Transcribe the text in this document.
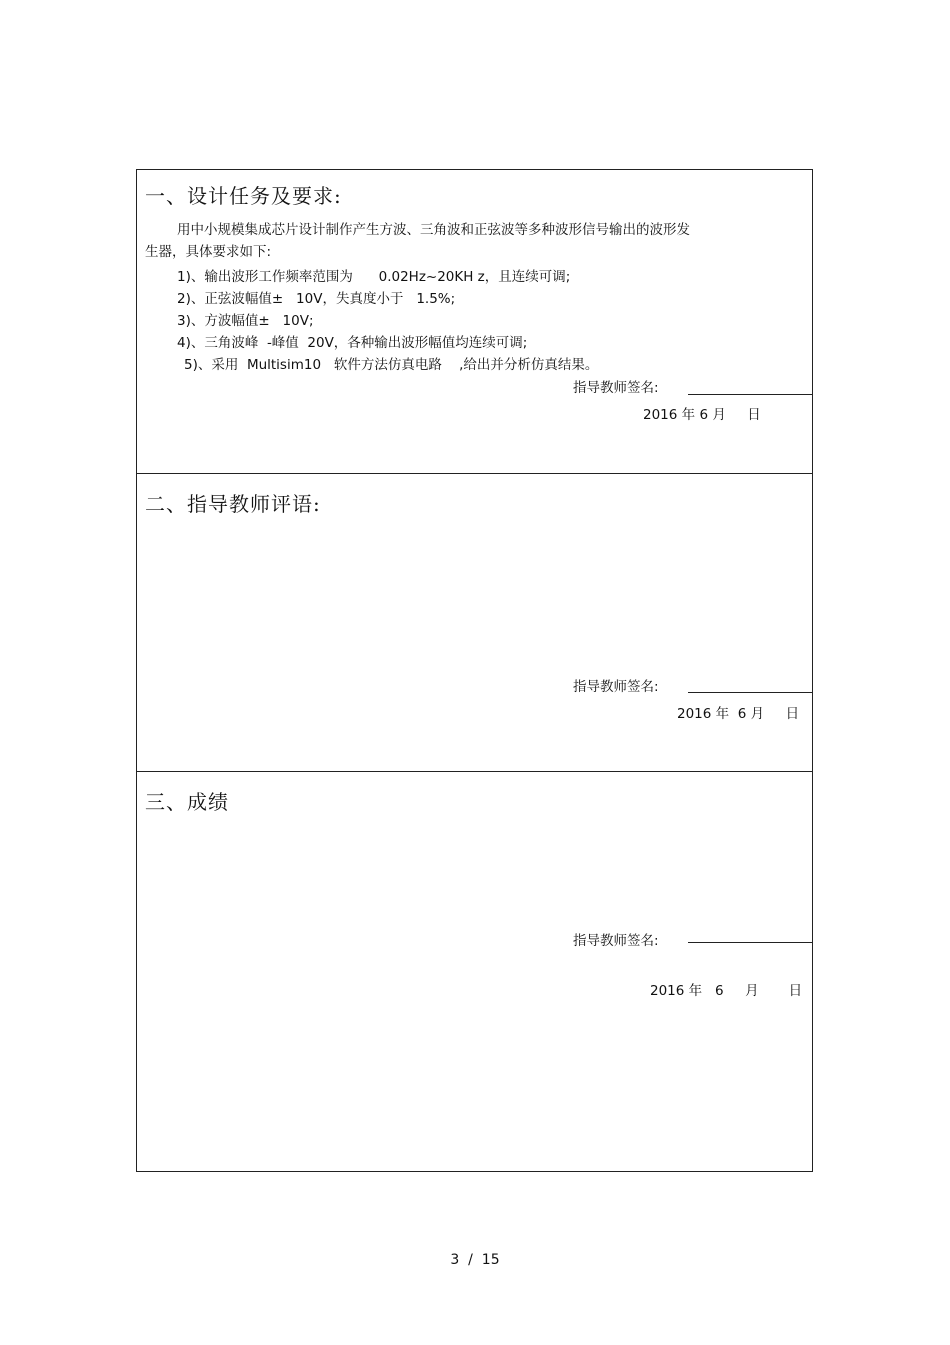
一、设计任务及要求:
用中小规模集成芯片设计制作产生方波、三角波和正弦波等多种波形信号输出的波形发
生器，具体要求如下:
1)、输出波形工作频率范围为      0.02Hz~20KH z，且连续可调;
2)、正弦波幅值±   10V，失真度小于   1.5%;
3)、方波幅值±   10V;
4)、三角波峰  -峰值  20V，各种输出波形幅值均连续可调;
5)、采用  Multisim10   软件方法仿真电路    ,给出并分析仿真结果。
指导教师签名:
2016 年 6 月     日
二、指导教师评语:
指导教师签名:
2016 年  6 月     日
三、成绩
指导教师签名:
2016 年   6     月       日
3  /  15
